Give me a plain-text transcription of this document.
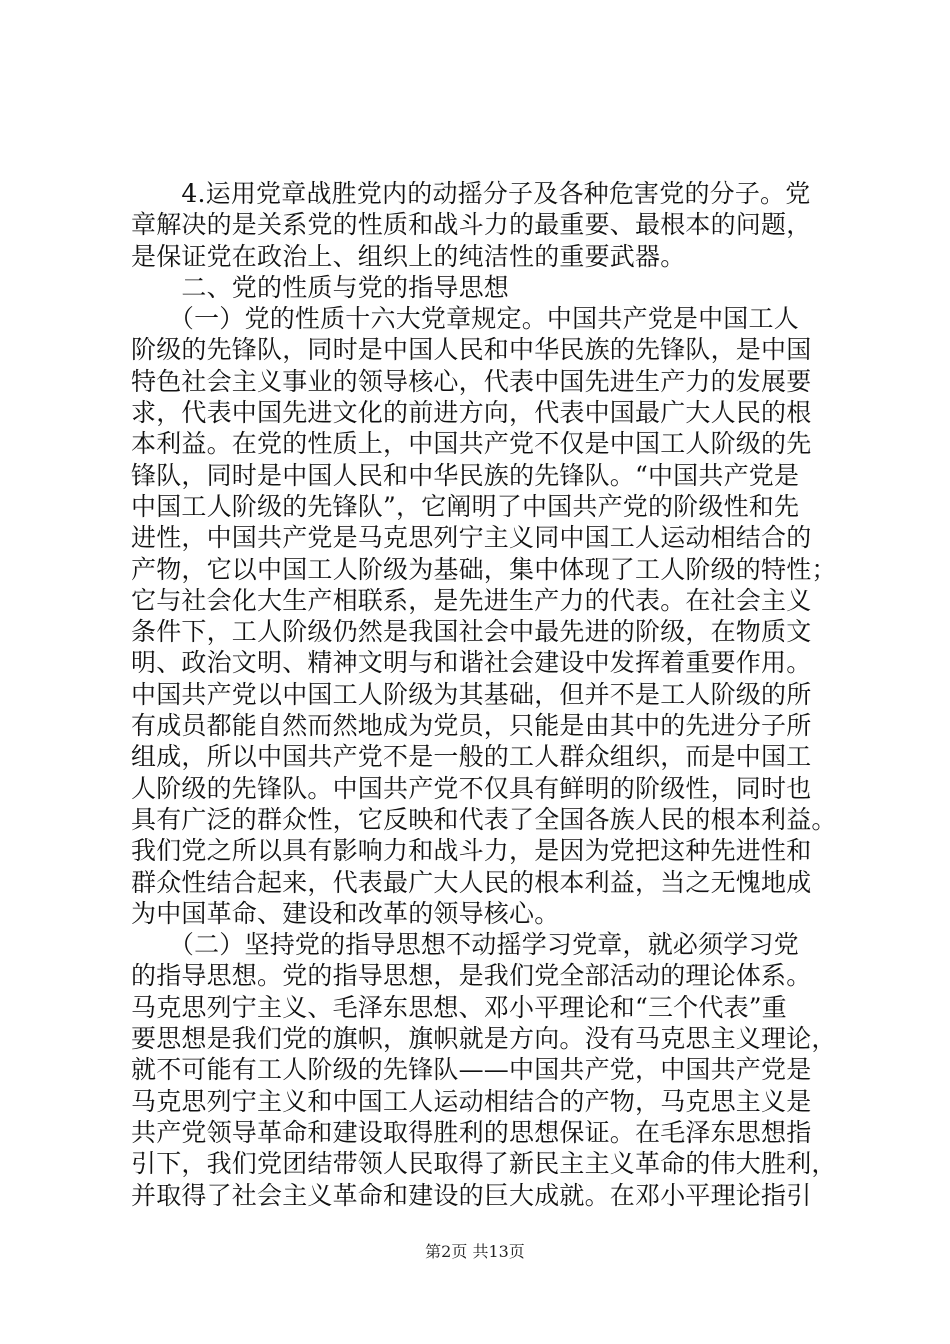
　　4.运用党章战胜党内的动摇分子及各种危害党的分子。党
章解决的是关系党的性质和战斗力的最重要、最根本的问题，
是保证党在政治上、组织上的纯洁性的重要武器。
　　二、党的性质与党的指导思想
　　（一）党的性质十六大党章规定。中国共产党是中国工人
阶级的先锋队，同时是中国人民和中华民族的先锋队，是中国
特色社会主义事业的领导核心，代表中国先进生产力的发展要
求，代表中国先进文化的前进方向，代表中国最广大人民的根
本利益。在党的性质上，中国共产党不仅是中国工人阶级的先
锋队，同时是中国人民和中华民族的先锋队。“中国共产党是
中国工人阶级的先锋队”，它阐明了中国共产党的阶级性和先
进性，中国共产党是马克思列宁主义同中国工人运动相结合的
产物，它以中国工人阶级为基础，集中体现了工人阶级的特性；
它与社会化大生产相联系，是先进生产力的代表。在社会主义
条件下，工人阶级仍然是我国社会中最先进的阶级，在物质文
明、政治文明、精神文明与和谐社会建设中发挥着重要作用。
中国共产党以中国工人阶级为其基础，但并不是工人阶级的所
有成员都能自然而然地成为党员，只能是由其中的先进分子所
组成，所以中国共产党不是一般的工人群众组织，而是中国工
人阶级的先锋队。中国共产党不仅具有鲜明的阶级性，同时也
具有广泛的群众性，它反映和代表了全国各族人民的根本利益。
我们党之所以具有影响力和战斗力，是因为党把这种先进性和
群众性结合起来，代表最广大人民的根本利益，当之无愧地成
为中国革命、建设和改革的领导核心。
　　（二）坚持党的指导思想不动摇学习党章，就必须学习党
的指导思想。党的指导思想，是我们党全部活动的理论体系。
马克思列宁主义、毛泽东思想、邓小平理论和“三个代表”重
要思想是我们党的旗帜，旗帜就是方向。没有马克思主义理论，
就不可能有工人阶级的先锋队——中国共产党，中国共产党是
马克思列宁主义和中国工人运动相结合的产物，马克思主义是
共产党领导革命和建设取得胜利的思想保证。在毛泽东思想指
引下，我们党团结带领人民取得了新民主主义革命的伟大胜利，
并取得了社会主义革命和建设的巨大成就。在邓小平理论指引
第2页 共13页
